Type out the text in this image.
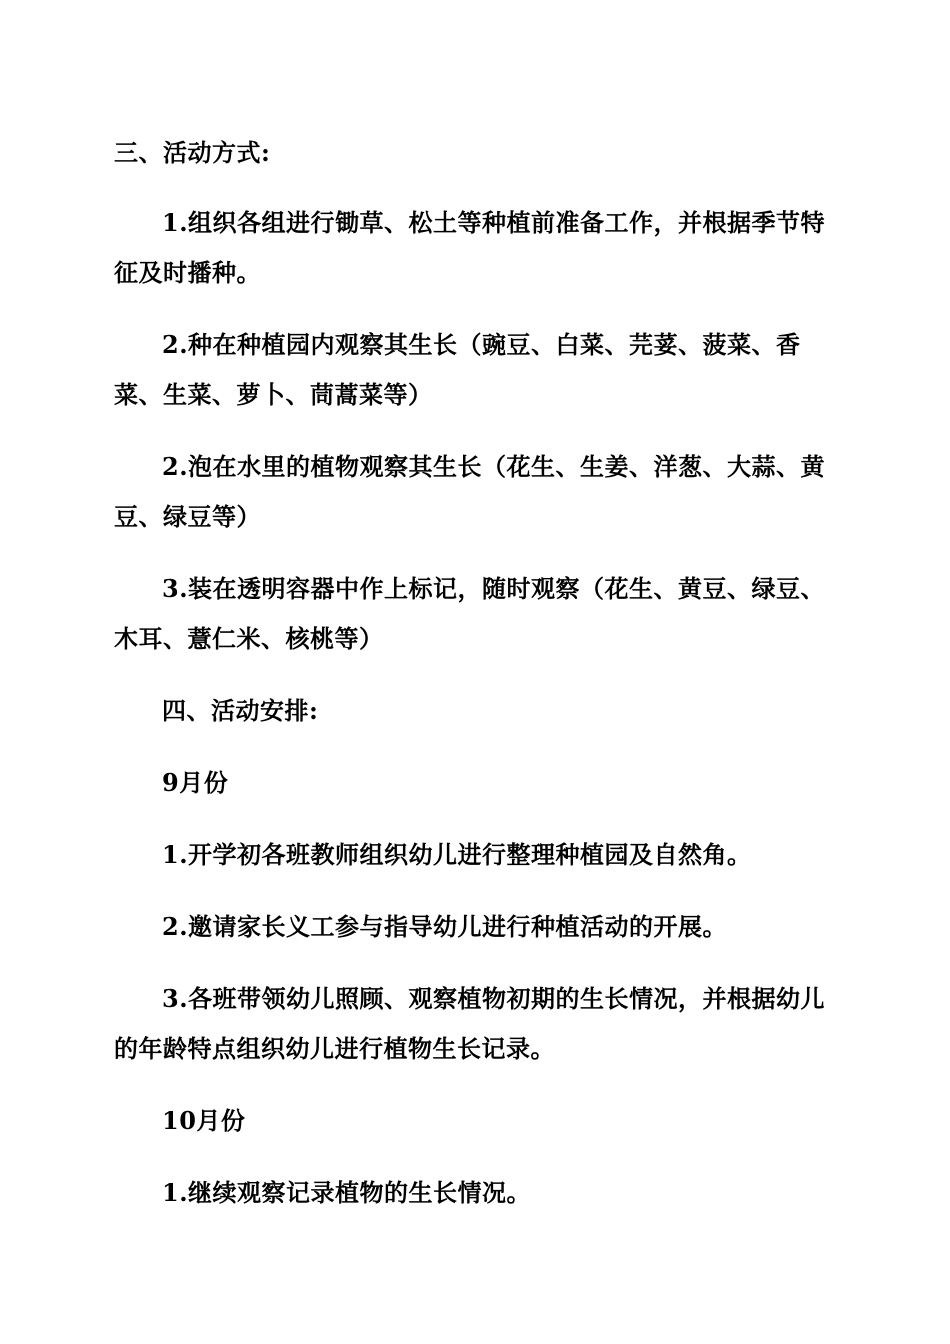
三、活动方式:

1.组织各组进行锄草、松土等种植前准备工作，并根据季节特征及时播种。

2.种在种植园内观察其生长（豌豆、白菜、芫荽、菠菜、香菜、生菜、萝卜、茼蒿菜等）

2.泡在水里的植物观察其生长（花生、生姜、洋葱、大蒜、黄豆、绿豆等）

3.装在透明容器中作上标记，随时观察（花生、黄豆、绿豆、木耳、薏仁米、核桃等）

四、活动安排:

9月份

1.开学初各班教师组织幼儿进行整理种植园及自然角。

2.邀请家长义工参与指导幼儿进行种植活动的开展。

3.各班带领幼儿照顾、观察植物初期的生长情况，并根据幼儿的年龄特点组织幼儿进行植物生长记录。

10月份

1.继续观察记录植物的生长情况。
